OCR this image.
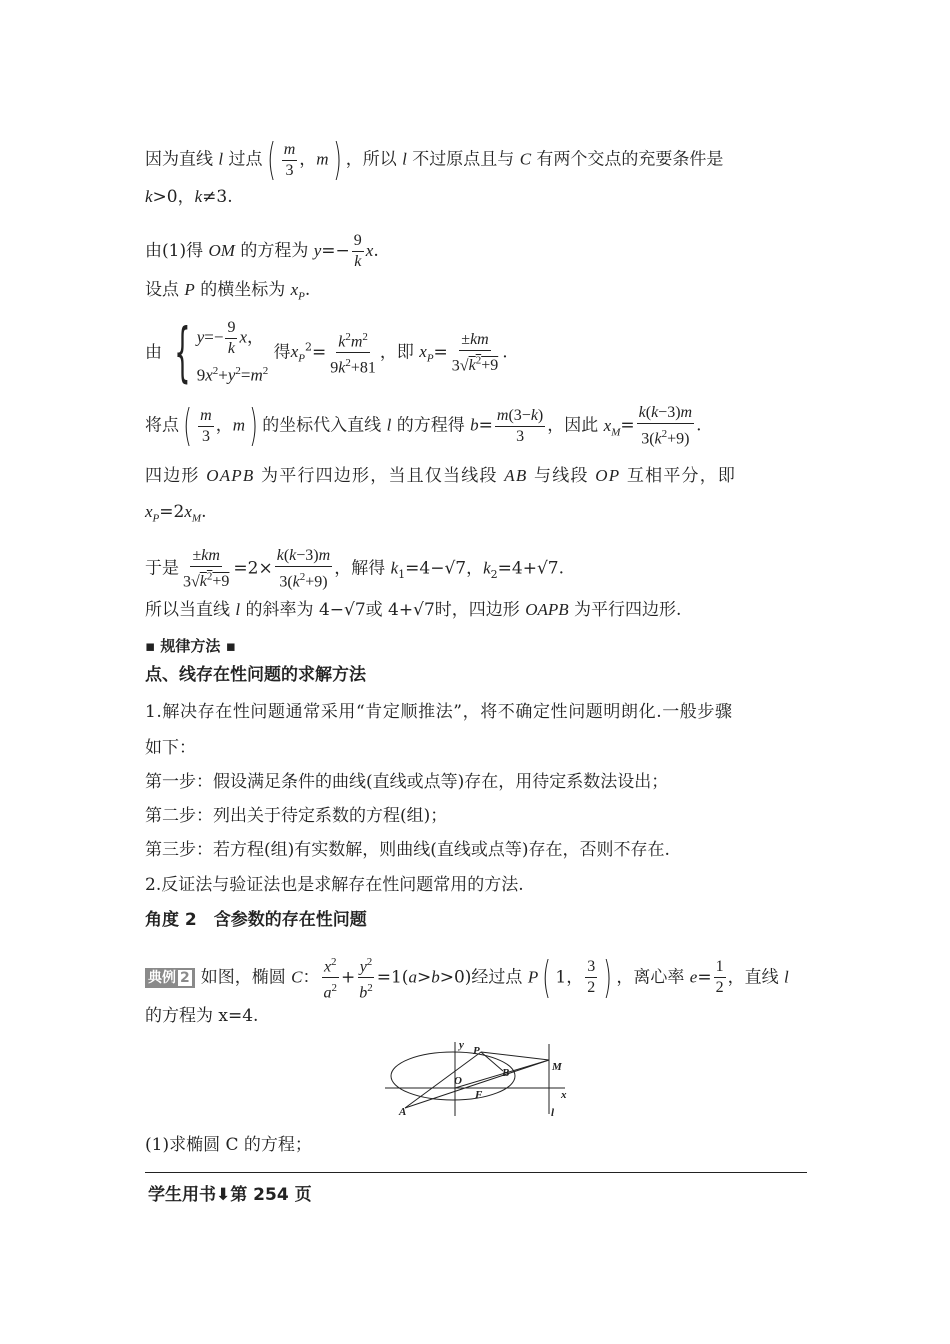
因为直线 l 过点( $\frac{m}{3}$ ，m) ，所以 l 不过原点且与 C 有两个交点的充要条件是
k>0，k≠3.
由(1)得 OM 的方程为 $y=- \frac{9}{k} x$.
设点 P 的横坐标为 $x_P$.
由 { $y=- \frac{9}{k}$ x，
$9x^2+y^2=m^2$
得$x_P^2= \frac{k^2m^2}{9k^2+81}$ ，即 $x_P= \frac{\pm km}{3√k^2+9}$ .
将点( $\frac{m}{3}$ ，m) 的坐标代入直线 l 的方程得 $b= \frac{m(3-k)}{3}$ ，因此 $x_M= \frac{k(k-3)m}{3(k^2+9)}$ .
四边形 OAPB 为平行四边形，当且仅当线段 AB 与线段 OP 互相平分，即
$x_P=2x_M$.
于是 $\frac{\pm km}{3√k^2+9} =2\times \frac{k(k-3)m}{3(k^2+9)}$ ，解得 $k_1=4-√7$，$k_2=4+√7$.
所以当直线 l 的斜率为 4−√7或 4+√7时，四边形 OAPB 为平行四边形.
▪ 规律方法 ▪
点、线存在性问题的求解方法
1.解决存在性问题通常采用“肯定顺推法”，将不确定性问题明朗化.一般步骤
如下：
第一步：假设满足条件的曲线(直线或点等)存在，用待定系数法设出；
第二步：列出关于待定系数的方程(组)；
第三步：若方程(组)有实数解，则曲线(直线或点等)存在，否则不存在.
2.反证法与验证法也是求解存在性问题常用的方法.
角度 2　含参数的存在性问题
典例 2 如图，椭圆 C： $\frac{x^2}{a^2} + \frac{y^2}{b^2} =1(a>b>0)$经过点 P( 1， $\frac{3}{2}$ ) ，离心率 $e= \frac{1}{2}$ ，直线 l
的方程为 x=4.
(1)求椭圆 C 的方程；
y
x
P
O
B
F
M
A	l
学生用书⬇第 254 页
